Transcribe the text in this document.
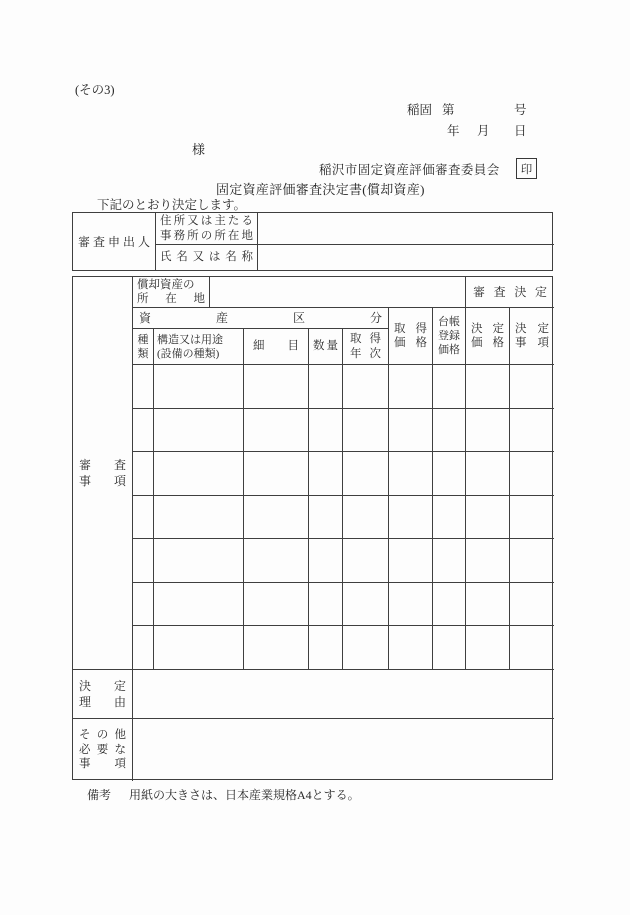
(その3)
稲固 第	号
年 月 日
様
稲沢市固定資産評価審査委員会 印
固定資産評価審査決定書(償却資産)
下記のとおり決定します。
審査申出人
住所又は主たる
事務所の所在地
氏名又は名称
審査
事項
決定
理由
その他
必要な
事項
償却資産の
所在地	審査決定
資産区分
取得
価格
台帳
登録
価格
決定
価格
決定
事項
種
類
構造又は用途
(設備の種類)
細目 数量
取得
年次
備考 用紙の大きさは、日本産業規格A4とする。
